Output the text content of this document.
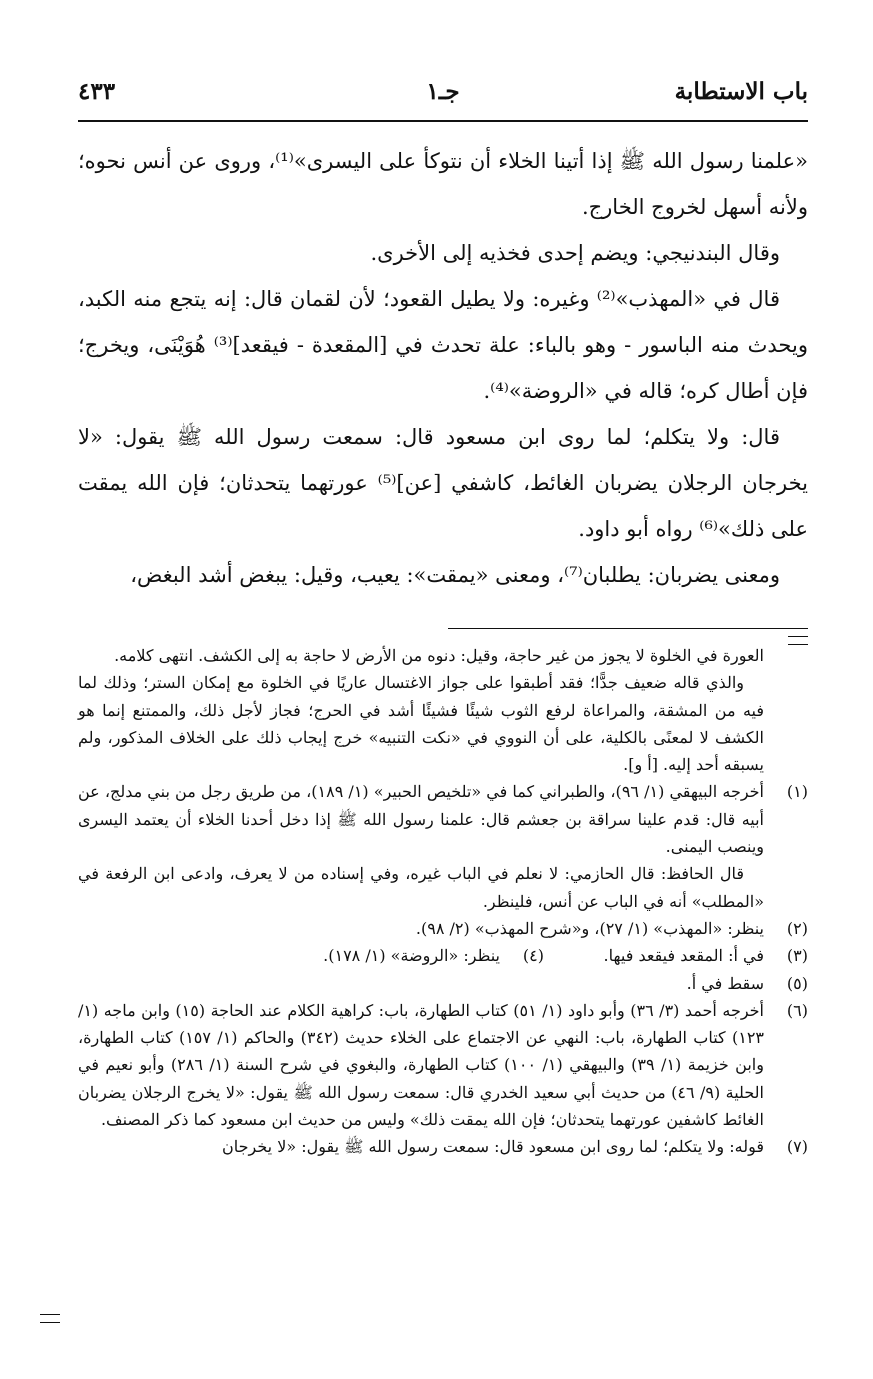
باب الاستطابة
جـ١
٤٣٣

«علمنا رسول الله ﷺ إذا أتينا الخلاء أن نتوكأ على اليسرى»⁽¹⁾، وروى عن أنس نحوه؛ ولأنه أسهل لخروج الخارج.

وقال البندنيجي: ويضم إحدى فخذيه إلى الأخرى.

قال في «المهذب»⁽²⁾ وغيره: ولا يطيل القعود؛ لأن لقمان قال: إنه يتجع منه الكبد، ويحدث منه الباسور - وهو بالباء: علة تحدث في [المقعدة - فيقعد]⁽³⁾ هُوَيْنَى، ويخرج؛ فإن أطال كره؛ قاله في «الروضة»⁽⁴⁾.

قال: ولا يتكلم؛ لما روى ابن مسعود قال: سمعت رسول الله ﷺ يقول: «لا يخرجان الرجلان يضربان الغائط، كاشفي [عن]⁽⁵⁾ عورتهما يتحدثان؛ فإن الله يمقت على ذلك»⁽⁶⁾ رواه أبو داود.

ومعنى يضربان: يطلبان⁽⁷⁾، ومعنى «يمقت»: يعيب، وقيل: يبغض أشد البغض،

العورة في الخلوة لا يجوز من غير حاجة، وقيل: دنوه من الأرض لا حاجة به إلى الكشف. انتهى كلامه.

والذي قاله ضعيف جدًّا؛ فقد أطبقوا على جواز الاغتسال عاريًا في الخلوة مع إمكان الستر؛ وذلك لما فيه من المشقة، والمراعاة لرفع الثوب شيئًا فشيئًا أشد في الحرج؛ فجاز لأجل ذلك، والممتنع إنما هو الكشف لا لمعنًى بالكلية، على أن النووي في «نكت التنبيه» خرج إيجاب ذلك على الخلاف المذكور، ولم يسبقه أحد إليه. [أ و].

(١)

أخرجه البيهقي (١/ ٩٦)، والطبراني كما في «تلخيص الحبير» (١/ ١٨٩)، من طريق رجل من بني مدلج، عن أبيه قال: قدم علينا سراقة بن جعشم قال: علمنا رسول الله ﷺ إذا دخل أحدنا الخلاء أن يعتمد اليسرى وينصب اليمنى.

قال الحافظ: قال الحازمي: لا نعلم في الباب غيره، وفي إسناده من لا يعرف، وادعى ابن الرفعة في «المطلب» أنه في الباب عن أنس، فلينظر.

(٢)

ينظر: «المهذب» (١/ ٢٧)، و«شرح المهذب» (٢/ ٩٨).

(٣)
في أ: المقعد فيقعد فيها.
(٤)
ينظر: «الروضة» (١/ ١٧٨).
(٥)

سقط في أ.

(٦)

أخرجه أحمد (٣/ ٣٦) وأبو داود (١/ ٥١) كتاب الطهارة، باب: كراهية الكلام عند الحاجة (١٥) وابن ماجه (١/ ١٢٣) كتاب الطهارة، باب: النهي عن الاجتماع على الخلاء حديث (٣٤٢) والحاكم (١/ ١٥٧) كتاب الطهارة، وابن خزيمة (١/ ٣٩) والبيهقي (١/ ١٠٠) كتاب الطهارة، والبغوي في شرح السنة (١/ ٢٨٦) وأبو نعيم في الحلية (٩/ ٤٦) من حديث أبي سعيد الخدري قال: سمعت رسول الله ﷺ يقول: «لا يخرج الرجلان يضربان الغائط كاشفين عورتهما يتحدثان؛ فإن الله يمقت ذلك» وليس من حديث ابن مسعود كما ذكر المصنف.

(٧)

قوله: ولا يتكلم؛ لما روى ابن مسعود قال: سمعت رسول الله ﷺ يقول: «لا يخرجان
